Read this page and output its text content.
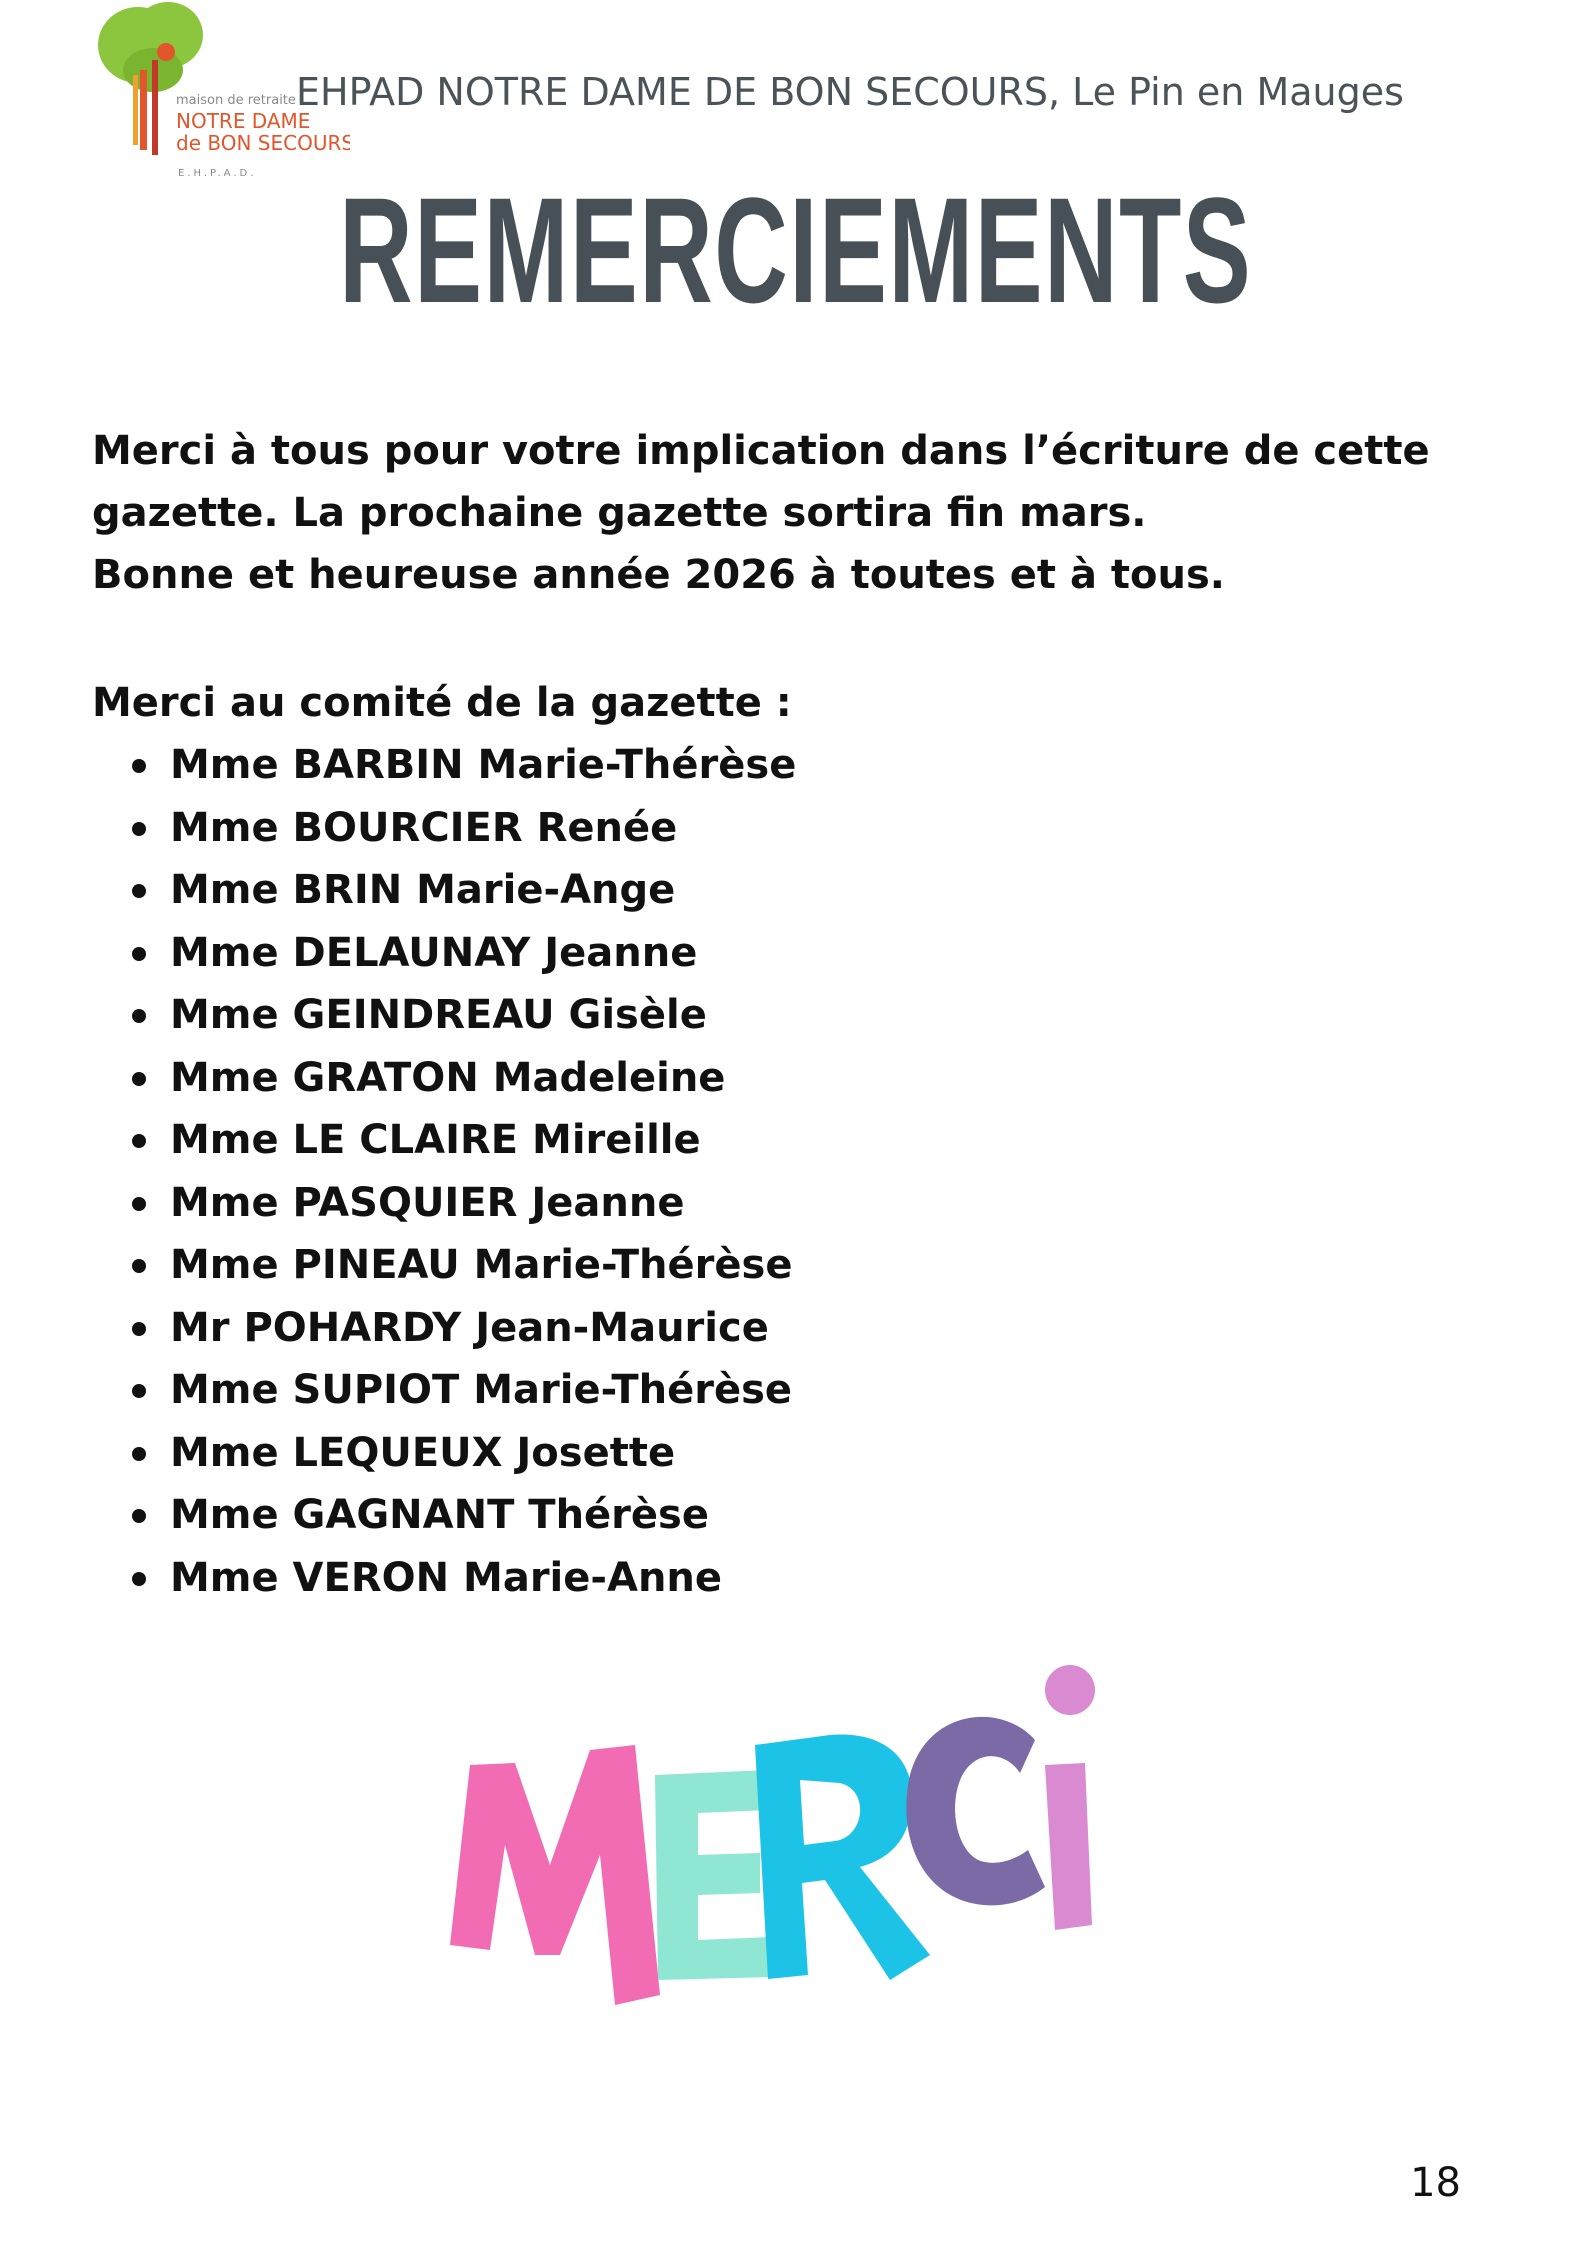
maison de retraite
NOTRE DAME
de BON SECOURS
E.H.P.A.D.
EHPAD NOTRE DAME DE BON SECOURS, Le Pin en Mauges
REMERCIEMENTS

Merci à tous pour votre implication dans l’écriture de cette

gazette. La prochaine gazette sortira fin mars.

Bonne et heureuse année 2026 à toutes et à tous.

Merci au comité de la gazette :

Mme BARBIN Marie-Thérèse
Mme BOURCIER Renée
Mme BRIN Marie-Ange
Mme DELAUNAY Jeanne
Mme GEINDREAU Gisèle
Mme GRATON Madeleine
Mme LE CLAIRE Mireille
Mme PASQUIER Jeanne
Mme PINEAU Marie-Thérèse
Mr POHARDY Jean-Maurice
Mme SUPIOT Marie-Thérèse
Mme LEQUEUX Josette
Mme GAGNANT Thérèse
Mme VERON Marie-Anne
18
